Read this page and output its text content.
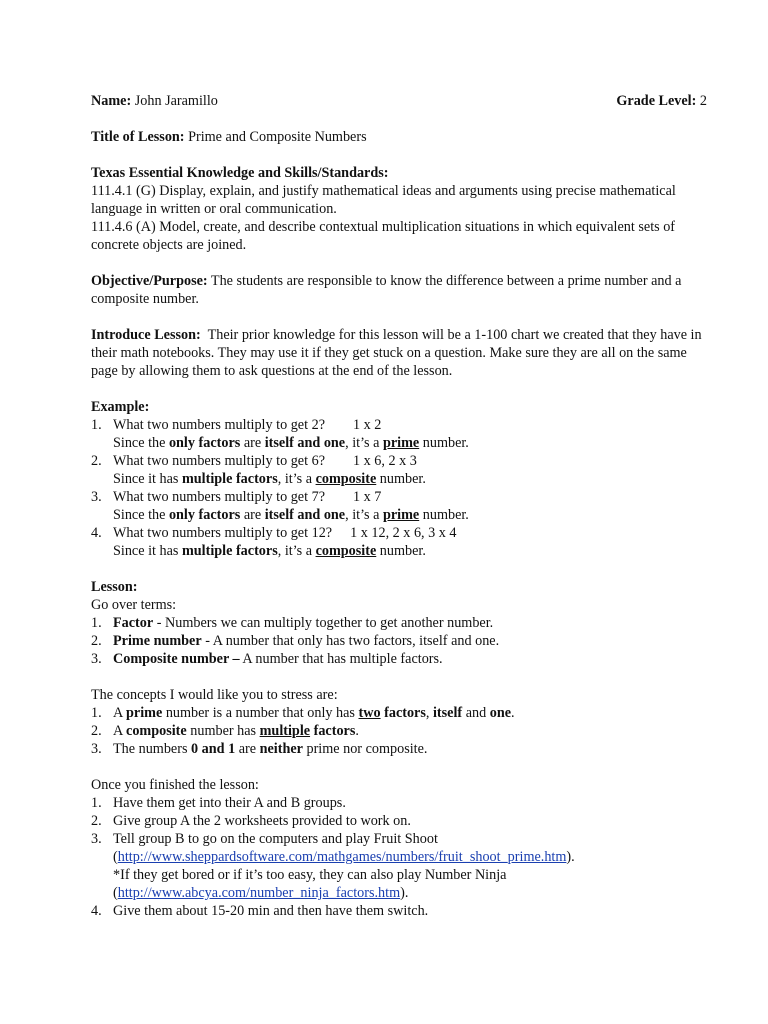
Name: John Jaramillo	Grade Level: 2

Title of Lesson: Prime and Composite Numbers

Texas Essential Knowledge and Skills/Standards:

111.4.1 (G) Display, explain, and justify mathematical ideas and arguments using precise mathematical language in written or oral communication.

111.4.6 (A) Model, create, and describe contextual multiplication situations in which equivalent sets of concrete objects are joined.

Objective/Purpose: The students are responsible to know the difference between a prime number and a composite number.

Introduce Lesson: Their prior knowledge for this lesson will be a 1-100 chart we created that they have in their math notebooks. They may use it if they get stuck on a question. Make sure they are all on the same page by allowing them to ask questions at the end of the lesson.

Example:

1. What two numbers multiply to get 2? 1 x 2
Since the only factors are itself and one, it’s a prime number.
2. What two numbers multiply to get 6? 1 x 6, 2 x 3
Since it has multiple factors, it’s a composite number.
3. What two numbers multiply to get 7? 1 x 7
Since the only factors are itself and one, it’s a prime number.
4. What two numbers multiply to get 12? 1 x 12, 2 x 6, 3 x 4
Since it has multiple factors, it’s a composite number.

Lesson:

Go over terms:

1. Factor - Numbers we can multiply together to get another number.
2. Prime number - A number that only has two factors, itself and one.
3. Composite number – A number that has multiple factors.

The concepts I would like you to stress are:

1. A prime number is a number that only has two factors, itself and one.
2. A composite number has multiple factors.
3. The numbers 0 and 1 are neither prime nor composite.

Once you finished the lesson:

1. Have them get into their A and B groups.
2. Give group A the 2 worksheets provided to work on.
3. Tell group B to go on the computers and play Fruit Shoot
(http://www.sheppardsoftware.com/mathgames/numbers/fruit_shoot_prime.htm).
*If they get bored or if it’s too easy, they can also play Number Ninja
(http://www.abcya.com/number_ninja_factors.htm).
4. Give them about 15-20 min and then have them switch.
